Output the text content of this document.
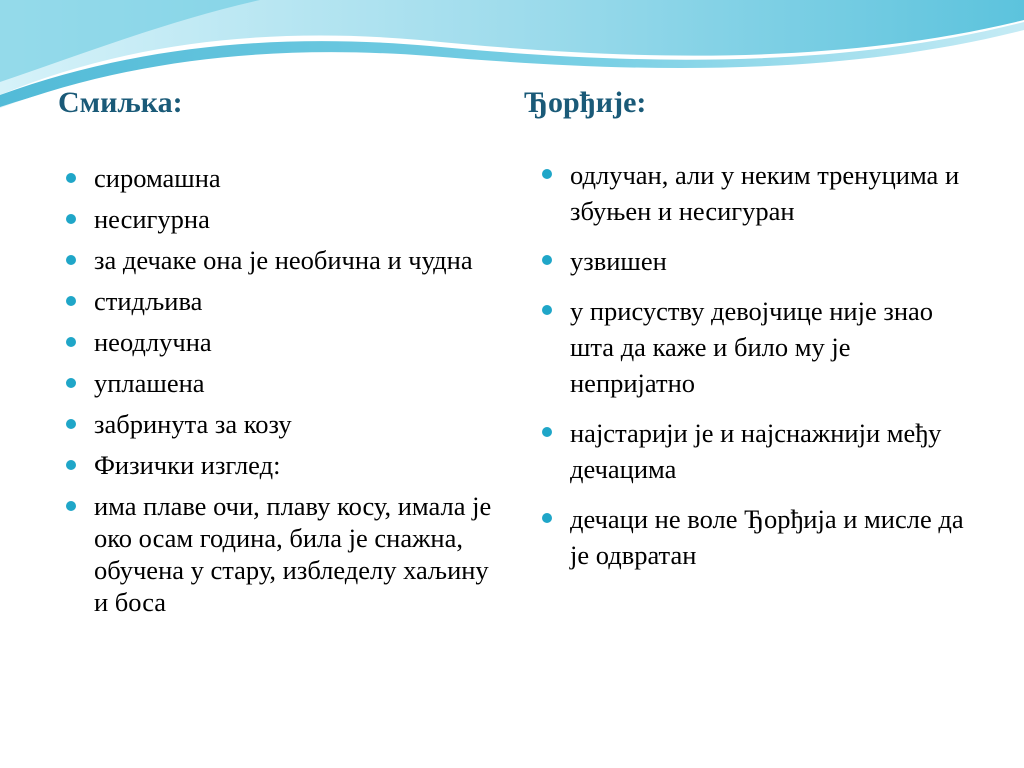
Смиљка:	Ђорђије:
сиромашна
несигурна
за дечаке она је необична и чудна
стидљива
неодлучна
уплашена
забринута за козу
Физички изглед:
има плаве очи, плаву косу, имала је око осам година, била је снажна, обучена у стару, избледелу хаљину и боса
одлучан, али у неким тренуцима и збуњен и несигуран
узвишен
у присуству девојчице није знао шта да каже и било му је непријатно
најстарији је и најснажнији међу дечацима
дечаци не воле Ђорђија и мисле да је одвратан
